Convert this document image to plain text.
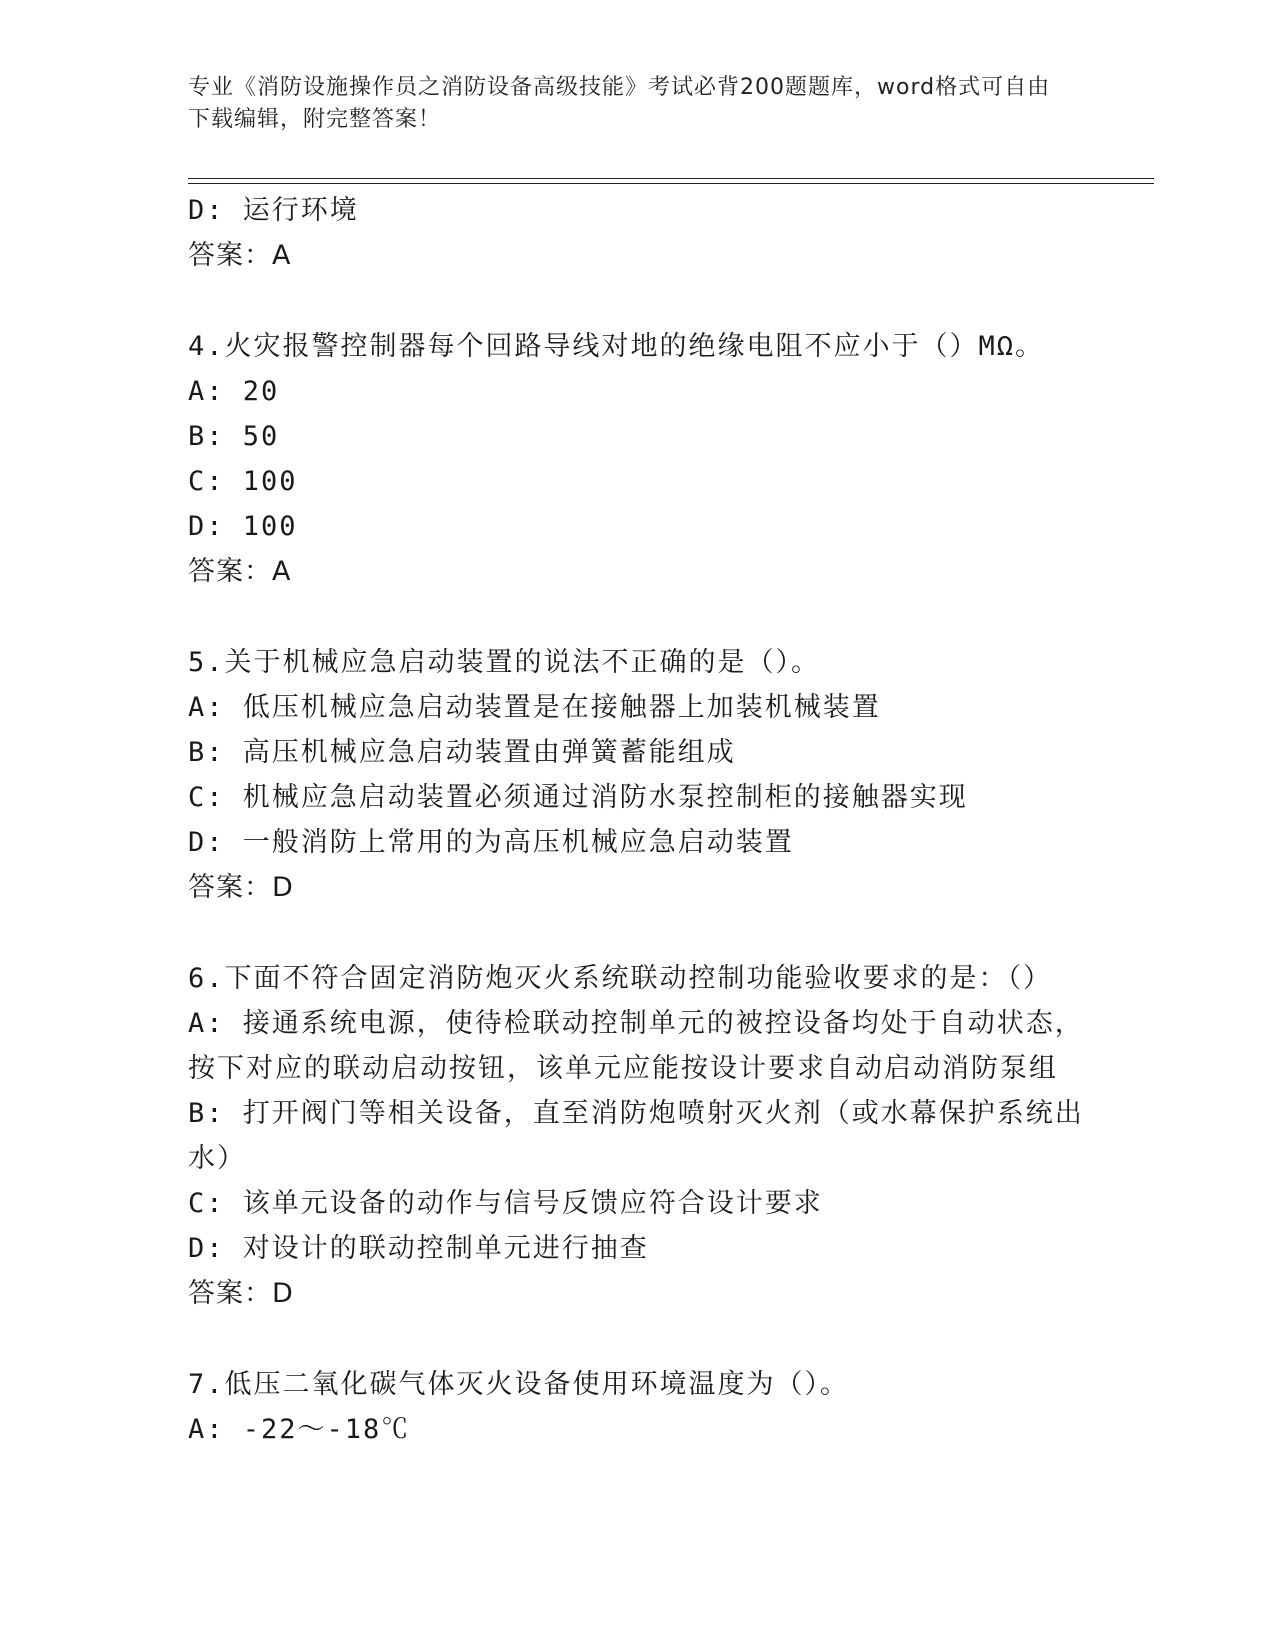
专业《消防设施操作员之消防设备高级技能》考试必背200题题库，word格式可自由下载编辑，附完整答案！
D: 运行环境
答案：A
4.火灾报警控制器每个回路导线对地的绝缘电阻不应小于（）MΩ。
A: 20
B: 50
C: 100
D: 100
答案：A
5.关于机械应急启动装置的说法不正确的是（）。
A: 低压机械应急启动装置是在接触器上加装机械装置
B: 高压机械应急启动装置由弹簧蓄能组成
C: 机械应急启动装置必须通过消防水泵控制柜的接触器实现
D: 一般消防上常用的为高压机械应急启动装置
答案：D
6.下面不符合固定消防炮灭火系统联动控制功能验收要求的是：（）
A: 接通系统电源，使待检联动控制单元的被控设备均处于自动状态，按下对应的联动启动按钮，该单元应能按设计要求自动启动消防泵组
B: 打开阀门等相关设备，直至消防炮喷射灭火剂（或水幕保护系统出水）
C: 该单元设备的动作与信号反馈应符合设计要求
D: 对设计的联动控制单元进行抽查
答案：D
7.低压二氧化碳气体灭火设备使用环境温度为（）。
A: -22～-18℃
